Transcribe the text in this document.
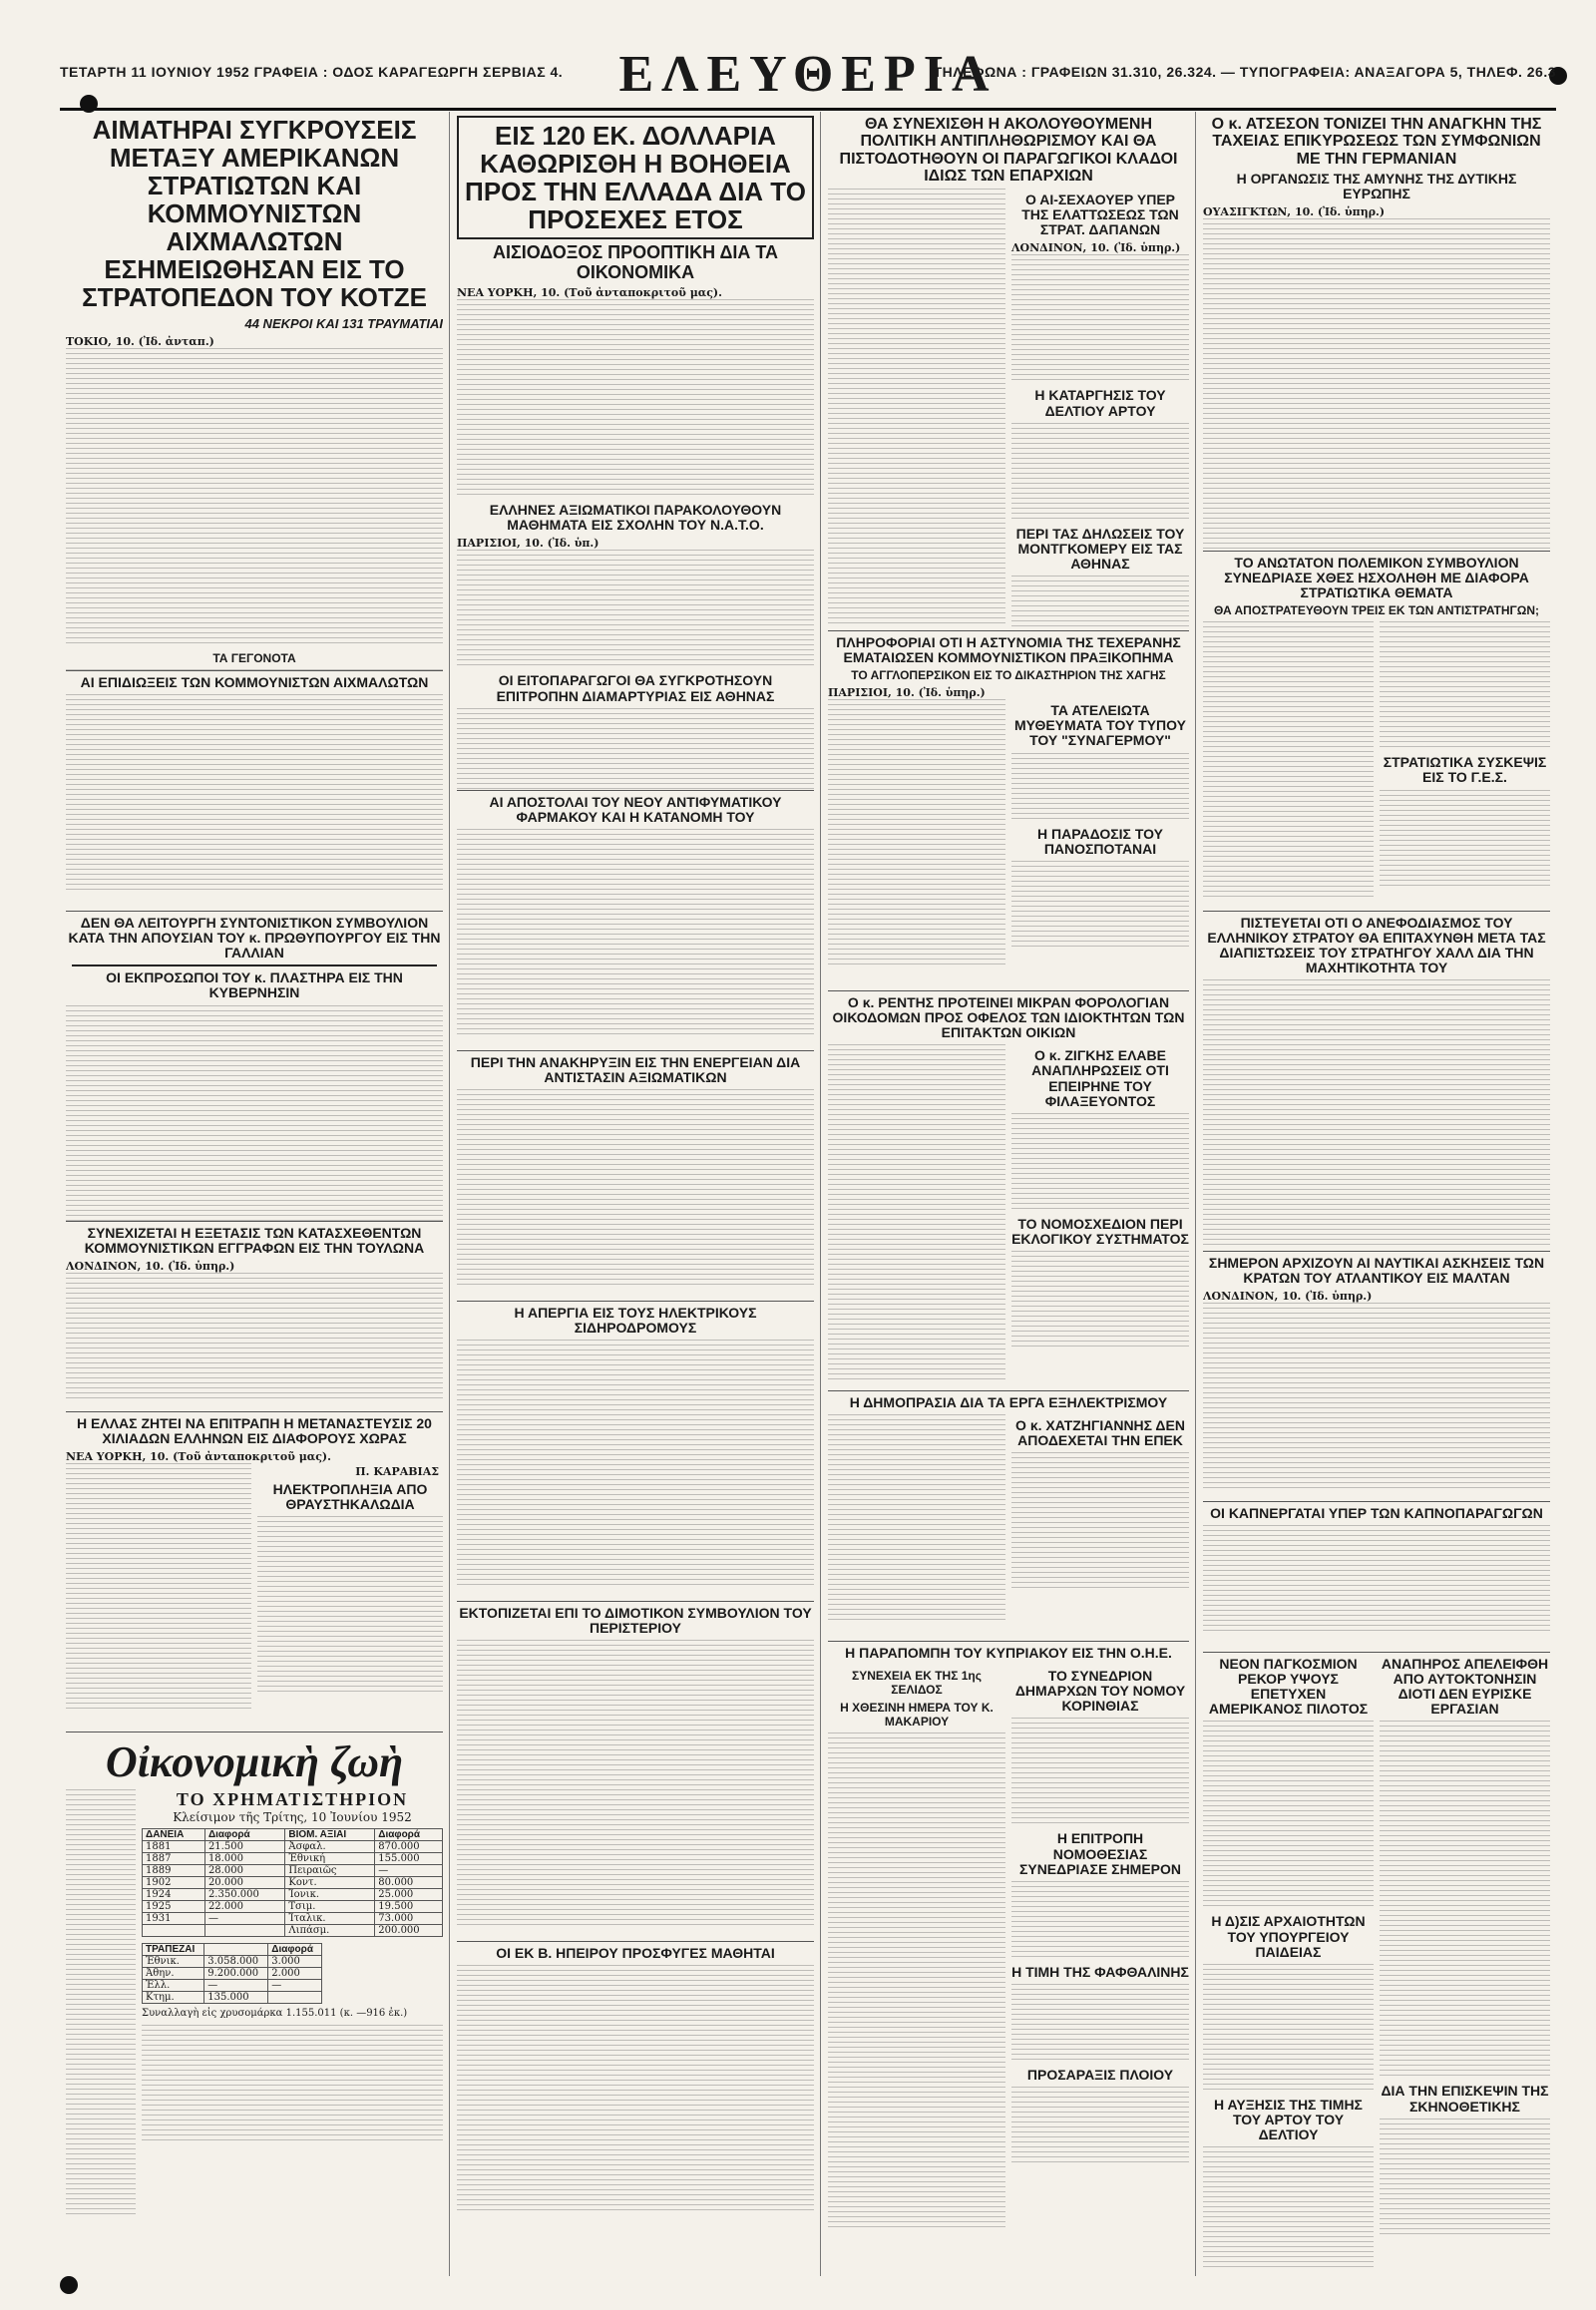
ΤΕΤΑΡΤΗ 11 ΙΟΥΝΙΟΥ 1952 ΓΡΑΦΕΙΑ : ΟΔΟΣ ΚΑΡΑΓΕΩΡΓΗ ΣΕΡΒΙΑΣ 4.	ΕΛΕΥΘΕΡΙΑ
ΤΗΛΕΦΩΝΑ : ΓΡΑΦΕΙΩΝ 31.310, 26.324. — ΤΥΠΟΓΡΑΦΕΙΑ: ΑΝΑΞΑΓΟΡΑ 5, ΤΗΛΕΦ. 26.3
ΑΙΜΑΤΗΡΑΙ ΣΥΓΚΡΟΥΣΕΙΣ ΜΕΤΑΞΥ ΑΜΕΡΙΚΑΝΩΝ ΣΤΡΑΤΙΩΤΩΝ ΚΑΙ ΚΟΜΜΟΥΝΙΣΤΩΝ ΑΙΧΜΑΛΩΤΩΝ ΕΣΗΜΕΙΩΘΗΣΑΝ ΕΙΣ ΤΟ ΣΤΡΑΤΟΠΕΔΟΝ ΤΟΥ ΚΟΤΖΕ
44 ΝΕΚΡΟΙ ΚΑΙ 131 ΤΡΑΥΜΑΤΙΑΙ
ΤΟΚΙΟ, 10. (Ἰδ. ἀνταπ.)
ΤΑ ΓΕΓΟΝΟΤΑ
ΑΙ ΕΠΙΔΙΩΞΕΙΣ ΤΩΝ ΚΟΜΜΟΥΝΙΣΤΩΝ ΑΙΧΜΑΛΩΤΩΝ
ΔΕΝ ΘΑ ΛΕΙΤΟΥΡΓΗ ΣΥΝΤΟΝΙΣΤΙΚΟΝ ΣΥΜΒΟΥΛΙΟΝ ΚΑΤΑ ΤΗΝ ΑΠΟΥΣΙΑΝ ΤΟΥ κ. ΠΡΩΘΥΠΟΥΡΓΟΥ ΕΙΣ ΤΗΝ ΓΑΛΛΙΑΝ
ΟΙ ΕΚΠΡΟΣΩΠΟΙ ΤΟΥ κ. ΠΛΑΣΤΗΡΑ ΕΙΣ ΤΗΝ ΚΥΒΕΡΝΗΣΙΝ
ΣΥΝΕΧΙΖΕΤΑΙ Η ΕΞΕΤΑΣΙΣ ΤΩΝ ΚΑΤΑΣΧΕΘΕΝΤΩΝ ΚΟΜΜΟΥΝΙΣΤΙΚΩΝ ΕΓΓΡΑΦΩΝ ΕΙΣ ΤΗΝ ΤΟΥΛΩΝΑ
ΛΟΝΔΙΝΟΝ, 10. (Ἰδ. ὑπηρ.)
Η ΕΛΛΑΣ ΖΗΤΕΙ ΝΑ ΕΠΙΤΡΑΠΗ Η ΜΕΤΑΝΑΣΤΕΥΣΙΣ 20 ΧΙΛΙΑΔΩΝ ΕΛΛΗΝΩΝ ΕΙΣ ΔΙΑΦΟΡΟΥΣ ΧΩΡΑΣ
ΝΕΑ ΥΟΡΚΗ, 10. (Τοῦ ἀνταποκριτοῦ μας).
Π. ΚΑΡΑΒΙΑΣ
ΗΛΕΚΤΡΟΠΛΗΞΙΑ ΑΠΟ ΘΡΑΥΣΤΗΚΑΛΩΔΙΑ
Οἰκονομικὴ ζωὴ
ΤΟ ΧΡΗΜΑΤΙΣΤΗΡΙΟΝ
Κλείσιμον τῆς Τρίτης, 10 Ἰουνίου 1952
ΔΑΝΕΙΑ	Διαφορά	ΒΙΟΜ. ΑΞΙΑΙ	Διαφορά
1881	21.500	Ἀσφαλ.	870.000
1887	18.000	Ἐθνική	155.000
1889	28.000	Πειραιῶς	—
1902	20.000	Κοντ.	80.000
1924	2.350.000	Ἰονικ.	25.000
1925	22.000	Τσιμ.	19.500
1931	—	Ἰταλικ.	73.000
		Λιπάσμ.	200.000
ΤΡΑΠΕΖΑΙ		Διαφορά
Ἐθνικ.	3.058.000	3.000
Ἀθην.	9.200.000	2.000
Ἑλλ.	—	—
Κτημ.	135.000	
Συναλλαγὴ εἰς χρυσομάρκα 1.155.011 (κ. —916 ἐκ.)
ΕΙΣ 120 ΕΚ. ΔΟΛΛΑΡΙΑ ΚΑΘΩΡΙΣΘΗ Η ΒΟΗΘΕΙΑ ΠΡΟΣ ΤΗΝ ΕΛΛΑΔΑ ΔΙΑ ΤΟ ΠΡΟΣΕΧΕΣ ΕΤΟΣ
ΑΙΣΙΟΔΟΞΟΣ ΠΡΟΟΠΤΙΚΗ ΔΙΑ ΤΑ ΟΙΚΟΝΟΜΙΚΑ
ΝΕΑ ΥΟΡΚΗ, 10. (Τοῦ ἀνταποκριτοῦ μας).
ΕΛΛΗΝΕΣ ΑΞΙΩΜΑΤΙΚΟΙ ΠΑΡΑΚΟΛΟΥΘΟΥΝ ΜΑΘΗΜΑΤΑ ΕΙΣ ΣΧΟΛΗΝ ΤΟΥ Ν.Α.Τ.Ο.
ΠΑΡΙΣΙΟΙ, 10. (Ἰδ. ὑπ.)
ΟΙ ΕΙΤΟΠΑΡΑΓΩΓΟΙ ΘΑ ΣΥΓΚΡΟΤΗΣΟΥΝ ΕΠΙΤΡΟΠΗΝ ΔΙΑΜΑΡΤΥΡΙΑΣ ΕΙΣ ΑΘΗΝΑΣ
ΑΙ ΑΠΟΣΤΟΛΑΙ ΤΟΥ ΝΕΟΥ ΑΝΤΙΦΥΜΑΤΙΚΟΥ ΦΑΡΜΑΚΟΥ ΚΑΙ Η ΚΑΤΑΝΟΜΗ ΤΟΥ
ΠΕΡΙ ΤΗΝ ΑΝΑΚΗΡΥΞΙΝ ΕΙΣ ΤΗΝ ΕΝΕΡΓΕΙΑΝ ΔΙΑ ΑΝΤΙΣΤΑΣΙΝ ΑΞΙΩΜΑΤΙΚΩΝ
Η ΑΠΕΡΓΙΑ ΕΙΣ ΤΟΥΣ ΗΛΕΚΤΡΙΚΟΥΣ ΣΙΔΗΡΟΔΡΟΜΟΥΣ
ΕΚΤΟΠΙΖΕΤΑΙ ΕΠΙ ΤΟ ΔΙΜΟΤΙΚΟΝ ΣΥΜΒΟΥΛΙΟΝ ΤΟΥ ΠΕΡΙΣΤΕΡΙΟΥ
ΟΙ ΕΚ Β. ΗΠΕΙΡΟΥ ΠΡΟΣΦΥΓΕΣ ΜΑΘΗΤΑΙ
ΘΑ ΣΥΝΕΧΙΣΘΗ Η ΑΚΟΛΟΥΘΟΥΜΕΝΗ ΠΟΛΙΤΙΚΗ ΑΝΤΙΠΛΗΘΩΡΙΣΜΟΥ ΚΑΙ ΘΑ ΠΙΣΤΟΔΟΤΗΘΟΥΝ ΟΙ ΠΑΡΑΓΩΓΙΚΟΙ ΚΛΑΔΟΙ ΙΔΙΩΣ ΤΩΝ ΕΠΑΡΧΙΩΝ
Ο ΑΙ-ΣΕΧΑΟΥΕΡ ΥΠΕΡ ΤΗΣ ΕΛΑΤΤΩΣΕΩΣ ΤΩΝ ΣΤΡΑΤ. ΔΑΠΑΝΩΝ
ΛΟΝΔΙΝΟΝ, 10. (Ἰδ. ὑπηρ.)
Η ΚΑΤΑΡΓΗΣΙΣ ΤΟΥ ΔΕΛΤΙΟΥ ΑΡΤΟΥ
ΠΕΡΙ ΤΑΣ ΔΗΛΩΣΕΙΣ ΤΟΥ ΜΟΝΤΓΚΟΜΕΡΥ ΕΙΣ ΤΑΣ ΑΘΗΝΑΣ
ΠΛΗΡΟΦΟΡΙΑΙ ΟΤΙ Η ΑΣΤΥΝΟΜΙΑ ΤΗΣ ΤΕΧΕΡΑΝΗΣ ΕΜΑΤΑΙΩΣΕΝ ΚΟΜΜΟΥΝΙΣΤΙΚΟΝ ΠΡΑΞΙΚΟΠΗΜΑ
ΤΟ ΑΓΓΛΟΠΕΡΣΙΚΟΝ ΕΙΣ ΤΟ ΔΙΚΑΣΤΗΡΙΟΝ ΤΗΣ ΧΑΓΗΣ
ΠΑΡΙΣΙΟΙ, 10. (Ἰδ. ὑπηρ.)
ΤΑ ΑΤΕΛΕΙΩΤΑ ΜΥΘΕΥΜΑΤΑ ΤΟΥ ΤΥΠΟΥ ΤΟΥ "ΣΥΝΑΓΕΡΜΟΥ"
Η ΠΑΡΑΔΟΣΙΣ ΤΟΥ ΠΑΝΟΣΠΟΤΑΝΑΙ
Ο κ. ΡΕΝΤΗΣ ΠΡΟΤΕΙΝΕΙ ΜΙΚΡΑΝ ΦΟΡΟΛΟΓΙΑΝ ΟΙΚΟΔΟΜΩΝ ΠΡΟΣ ΟΦΕΛΟΣ ΤΩΝ ΙΔΙΟΚΤΗΤΩΝ ΤΩΝ ΕΠΙΤΑΚΤΩΝ ΟΙΚΙΩΝ
Ο κ. ΖΙΓΚΗΣ ΕΛΑΒΕ ΑΝΑΠΛΗΡΩΣΕΙΣ ΟΤΙ ΕΠΕΙΡΗΝΕ ΤΟΥ ΦΙΛΑΞΕΥΟΝΤΟΣ
ΤΟ ΝΟΜΟΣΧΕΔΙΟΝ ΠΕΡΙ ΕΚΛΟΓΙΚΟΥ ΣΥΣΤΗΜΑΤΟΣ
Η ΔΗΜΟΠΡΑΣΙΑ ΔΙΑ ΤΑ ΕΡΓΑ ΕΞΗΛΕΚΤΡΙΣΜΟΥ
Ο κ. ΧΑΤΖΗΓΙΑΝΝΗΣ ΔΕΝ ΑΠΟΔΕΧΕΤΑΙ ΤΗΝ ΕΠΕΚ
Η ΠΑΡΑΠΟΜΠΗ ΤΟΥ ΚΥΠΡΙΑΚΟΥ ΕΙΣ ΤΗΝ Ο.Η.Ε.
ΣΥΝΕΧΕΙΑ ΕΚ ΤΗΣ 1ης ΣΕΛΙΔΟΣ
Η ΧΘΕΣΙΝΗ ΗΜΕΡΑ ΤΟΥ Κ. ΜΑΚΑΡΙΟΥ
ΤΟ ΣΥΝΕΔΡΙΟΝ ΔΗΜΑΡΧΩΝ ΤΟΥ ΝΟΜΟΥ ΚΟΡΙΝΘΙΑΣ
Η ΕΠΙΤΡΟΠΗ ΝΟΜΟΘΕΣΙΑΣ ΣΥΝΕΔΡΙΑΣΕ ΣΗΜΕΡΟΝ
Η ΤΙΜΗ ΤΗΣ ΦΑΦΘΑΛΙΝΗΣ
ΠΡΟΣΑΡΑΞΙΣ ΠΛΟΙΟΥ
Ο κ. ΑΤΣΕΣΟΝ ΤΟΝΙΖΕΙ ΤΗΝ ΑΝΑΓΚΗΝ ΤΗΣ ΤΑΧΕΙΑΣ ΕΠΙΚΥΡΩΣΕΩΣ ΤΩΝ ΣΥΜΦΩΝΙΩΝ ΜΕ ΤΗΝ ΓΕΡΜΑΝΙΑΝ
Η ΟΡΓΑΝΩΣΙΣ ΤΗΣ ΑΜΥΝΗΣ ΤΗΣ ΔΥΤΙΚΗΣ ΕΥΡΩΠΗΣ
ΟΥΑΣΙΓΚΤΩΝ, 10. (Ἰδ. ὑπηρ.)
ΤΟ ΑΝΩΤΑΤΟΝ ΠΟΛΕΜΙΚΟΝ ΣΥΜΒΟΥΛΙΟΝ ΣΥΝΕΔΡΙΑΣΕ ΧΘΕΣ ΗΣΧΟΛΗΘΗ ΜΕ ΔΙΑΦΟΡΑ ΣΤΡΑΤΙΩΤΙΚΑ ΘΕΜΑΤΑ
ΘΑ ΑΠΟΣΤΡΑΤΕΥΘΟΥΝ ΤΡΕΙΣ ΕΚ ΤΩΝ ΑΝΤΙΣΤΡΑΤΗΓΩΝ;
ΣΤΡΑΤΙΩΤΙΚΑ ΣΥΣΚΕΨΙΣ ΕΙΣ ΤΟ Γ.Ε.Σ.
ΠΙΣΤΕΥΕΤΑΙ ΟΤΙ Ο ΑΝΕΦΟΔΙΑΣΜΟΣ ΤΟΥ ΕΛΛΗΝΙΚΟΥ ΣΤΡΑΤΟΥ ΘΑ ΕΠΙΤΑΧΥΝΘΗ ΜΕΤΑ ΤΑΣ ΔΙΑΠΙΣΤΩΣΕΙΣ ΤΟΥ ΣΤΡΑΤΗΓΟΥ ΧΑΛΛ ΔΙΑ ΤΗΝ ΜΑΧΗΤΙΚΟΤΗΤΑ ΤΟΥ
ΣΗΜΕΡΟΝ ΑΡΧΙΖΟΥΝ ΑΙ ΝΑΥΤΙΚΑΙ ΑΣΚΗΣΕΙΣ ΤΩΝ ΚΡΑΤΩΝ ΤΟΥ ΑΤΛΑΝΤΙΚΟΥ ΕΙΣ ΜΑΛΤΑΝ
ΛΟΝΔΙΝΟΝ, 10. (Ἰδ. ὑπηρ.)
ΟΙ ΚΑΠΝΕΡΓΑΤΑΙ ΥΠΕΡ ΤΩΝ ΚΑΠΝΟΠΑΡΑΓΩΓΩΝ
ΝΕΟΝ ΠΑΓΚΟΣΜΙΟΝ ΡΕΚΟΡ ΥΨΟΥΣ ΕΠΕΤΥΧΕΝ ΑΜΕΡΙΚΑΝΟΣ ΠΙΛΟΤΟΣ
Η Δ)ΣΙΣ ΑΡΧΑΙΟΤΗΤΩΝ ΤΟΥ ΥΠΟΥΡΓΕΙΟΥ ΠΑΙΔΕΙΑΣ
Η ΑΥΞΗΣΙΣ ΤΗΣ ΤΙΜΗΣ ΤΟΥ ΑΡΤΟΥ ΤΟΥ ΔΕΛΤΙΟΥ
ΑΝΑΠΗΡΟΣ ΑΠΕΛΕΙΦΘΗ ΑΠΟ ΑΥΤΟΚΤΟΝΗΣΙΝ ΔΙΟΤΙ ΔΕΝ ΕΥΡΙΣΚΕ ΕΡΓΑΣΙΑΝ
ΔΙΑ ΤΗΝ ΕΠΙΣΚΕΨΙΝ ΤΗΣ ΣΚΗΝΟΘΕΤΙΚΗΣ
